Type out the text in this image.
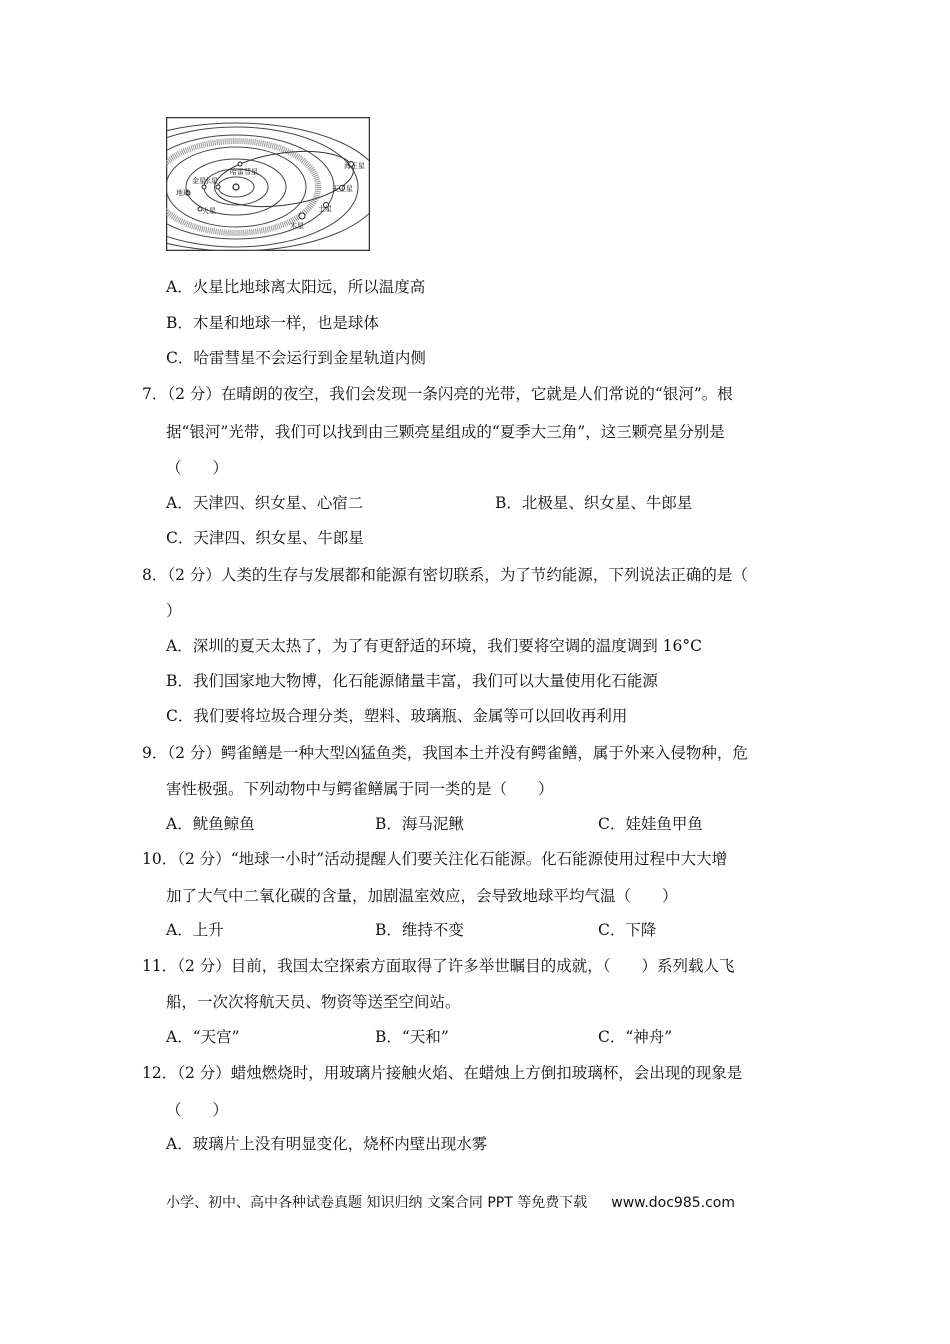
水星
金星
地球
火星
哈雷彗星
海王星
天王星
土星
木星
A．火星比地球离太阳远，所以温度高
B．木星和地球一样，也是球体
C．哈雷彗星不会运行到金星轨道内侧
7．（2 分）在晴朗的夜空，我们会发现一条闪亮的光带，它就是人们常说的“银河”。根
据“银河”光带，我们可以找到由三颗亮星组成的“夏季大三角”，这三颗亮星分别是
（　　）
A．天津四、织女星、心宿二	B．北极星、织女星、牛郎星
C．天津四、织女星、牛郎星
8．（2 分）人类的生存与发展都和能源有密切联系，为了节约能源，下列说法正确的是（
）
A．深圳的夏天太热了，为了有更舒适的环境，我们要将空调的温度调到 16°C
B．我们国家地大物博，化石能源储量丰富，我们可以大量使用化石能源
C．我们要将垃圾合理分类，塑料、玻璃瓶、金属等可以回收再利用
9．（2 分）鳄雀鳝是一种大型凶猛鱼类，我国本土并没有鳄雀鳝，属于外来入侵物种，危
害性极强。下列动物中与鳄雀鳝属于同一类的是（　　）
A．鱿鱼鲸鱼	B．海马泥鳅	C．娃娃鱼甲鱼
10．（2 分）“地球一小时”活动提醒人们要关注化石能源。化石能源使用过程中大大增
加了大气中二氧化碳的含量，加剧温室效应，会导致地球平均气温（　　）
A．上升	B．维持不变	C．下降
11．（2 分）目前，我国太空探索方面取得了许多举世瞩目的成就，（　　）系列载人飞
船，一次次将航天员、物资等送至空间站。
A．“天宫”	B．“天和”	C．“神舟”
12．（2 分）蜡烛燃烧时，用玻璃片接触火焰、在蜡烛上方倒扣玻璃杯，会出现的现象是
（　　）
A．玻璃片上没有明显变化，烧杯内壁出现水雾
小学、初中、高中各种试卷真题 知识归纳 文案合同 PPT 等免费下载 www.doc985.com
